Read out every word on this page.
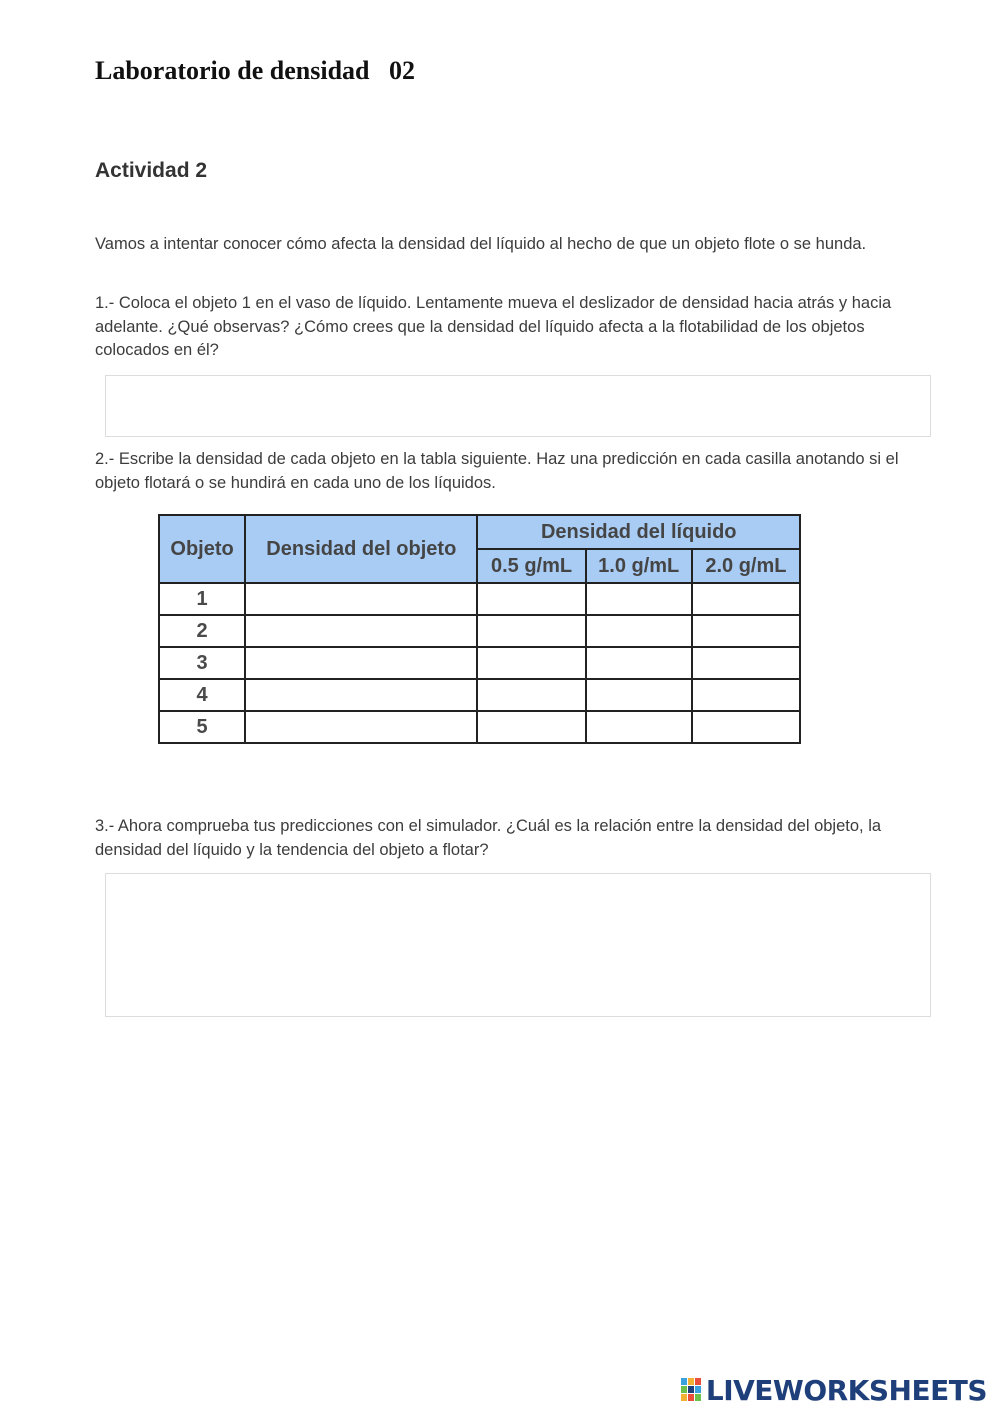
Laboratorio de densidad   02
Actividad 2
Vamos a intentar conocer cómo afecta la densidad del líquido al hecho de que un objeto flote o se hunda.
1.- Coloca el objeto 1 en el vaso de líquido. Lentamente mueva el deslizador de densidad hacia atrás y hacia adelante. ¿Qué observas? ¿Cómo crees que la densidad del líquido afecta a la flotabilidad de los objetos colocados en él?
2.- Escribe la densidad de cada objeto en la tabla siguiente. Haz una predicción en cada casilla anotando si el objeto flotará o se hundirá en cada uno de los líquidos.
Objeto	Densidad del objeto	Densidad del líquido		
		0.5 g/mL	1.0 g/mL	2.0 g/mL
1				
2				
3				
4				
5				
3.- Ahora comprueba tus predicciones con el simulador. ¿Cuál es la relación entre la densidad del objeto, la densidad del líquido y la tendencia del objeto a flotar?
LIVEWORKSHEETS
